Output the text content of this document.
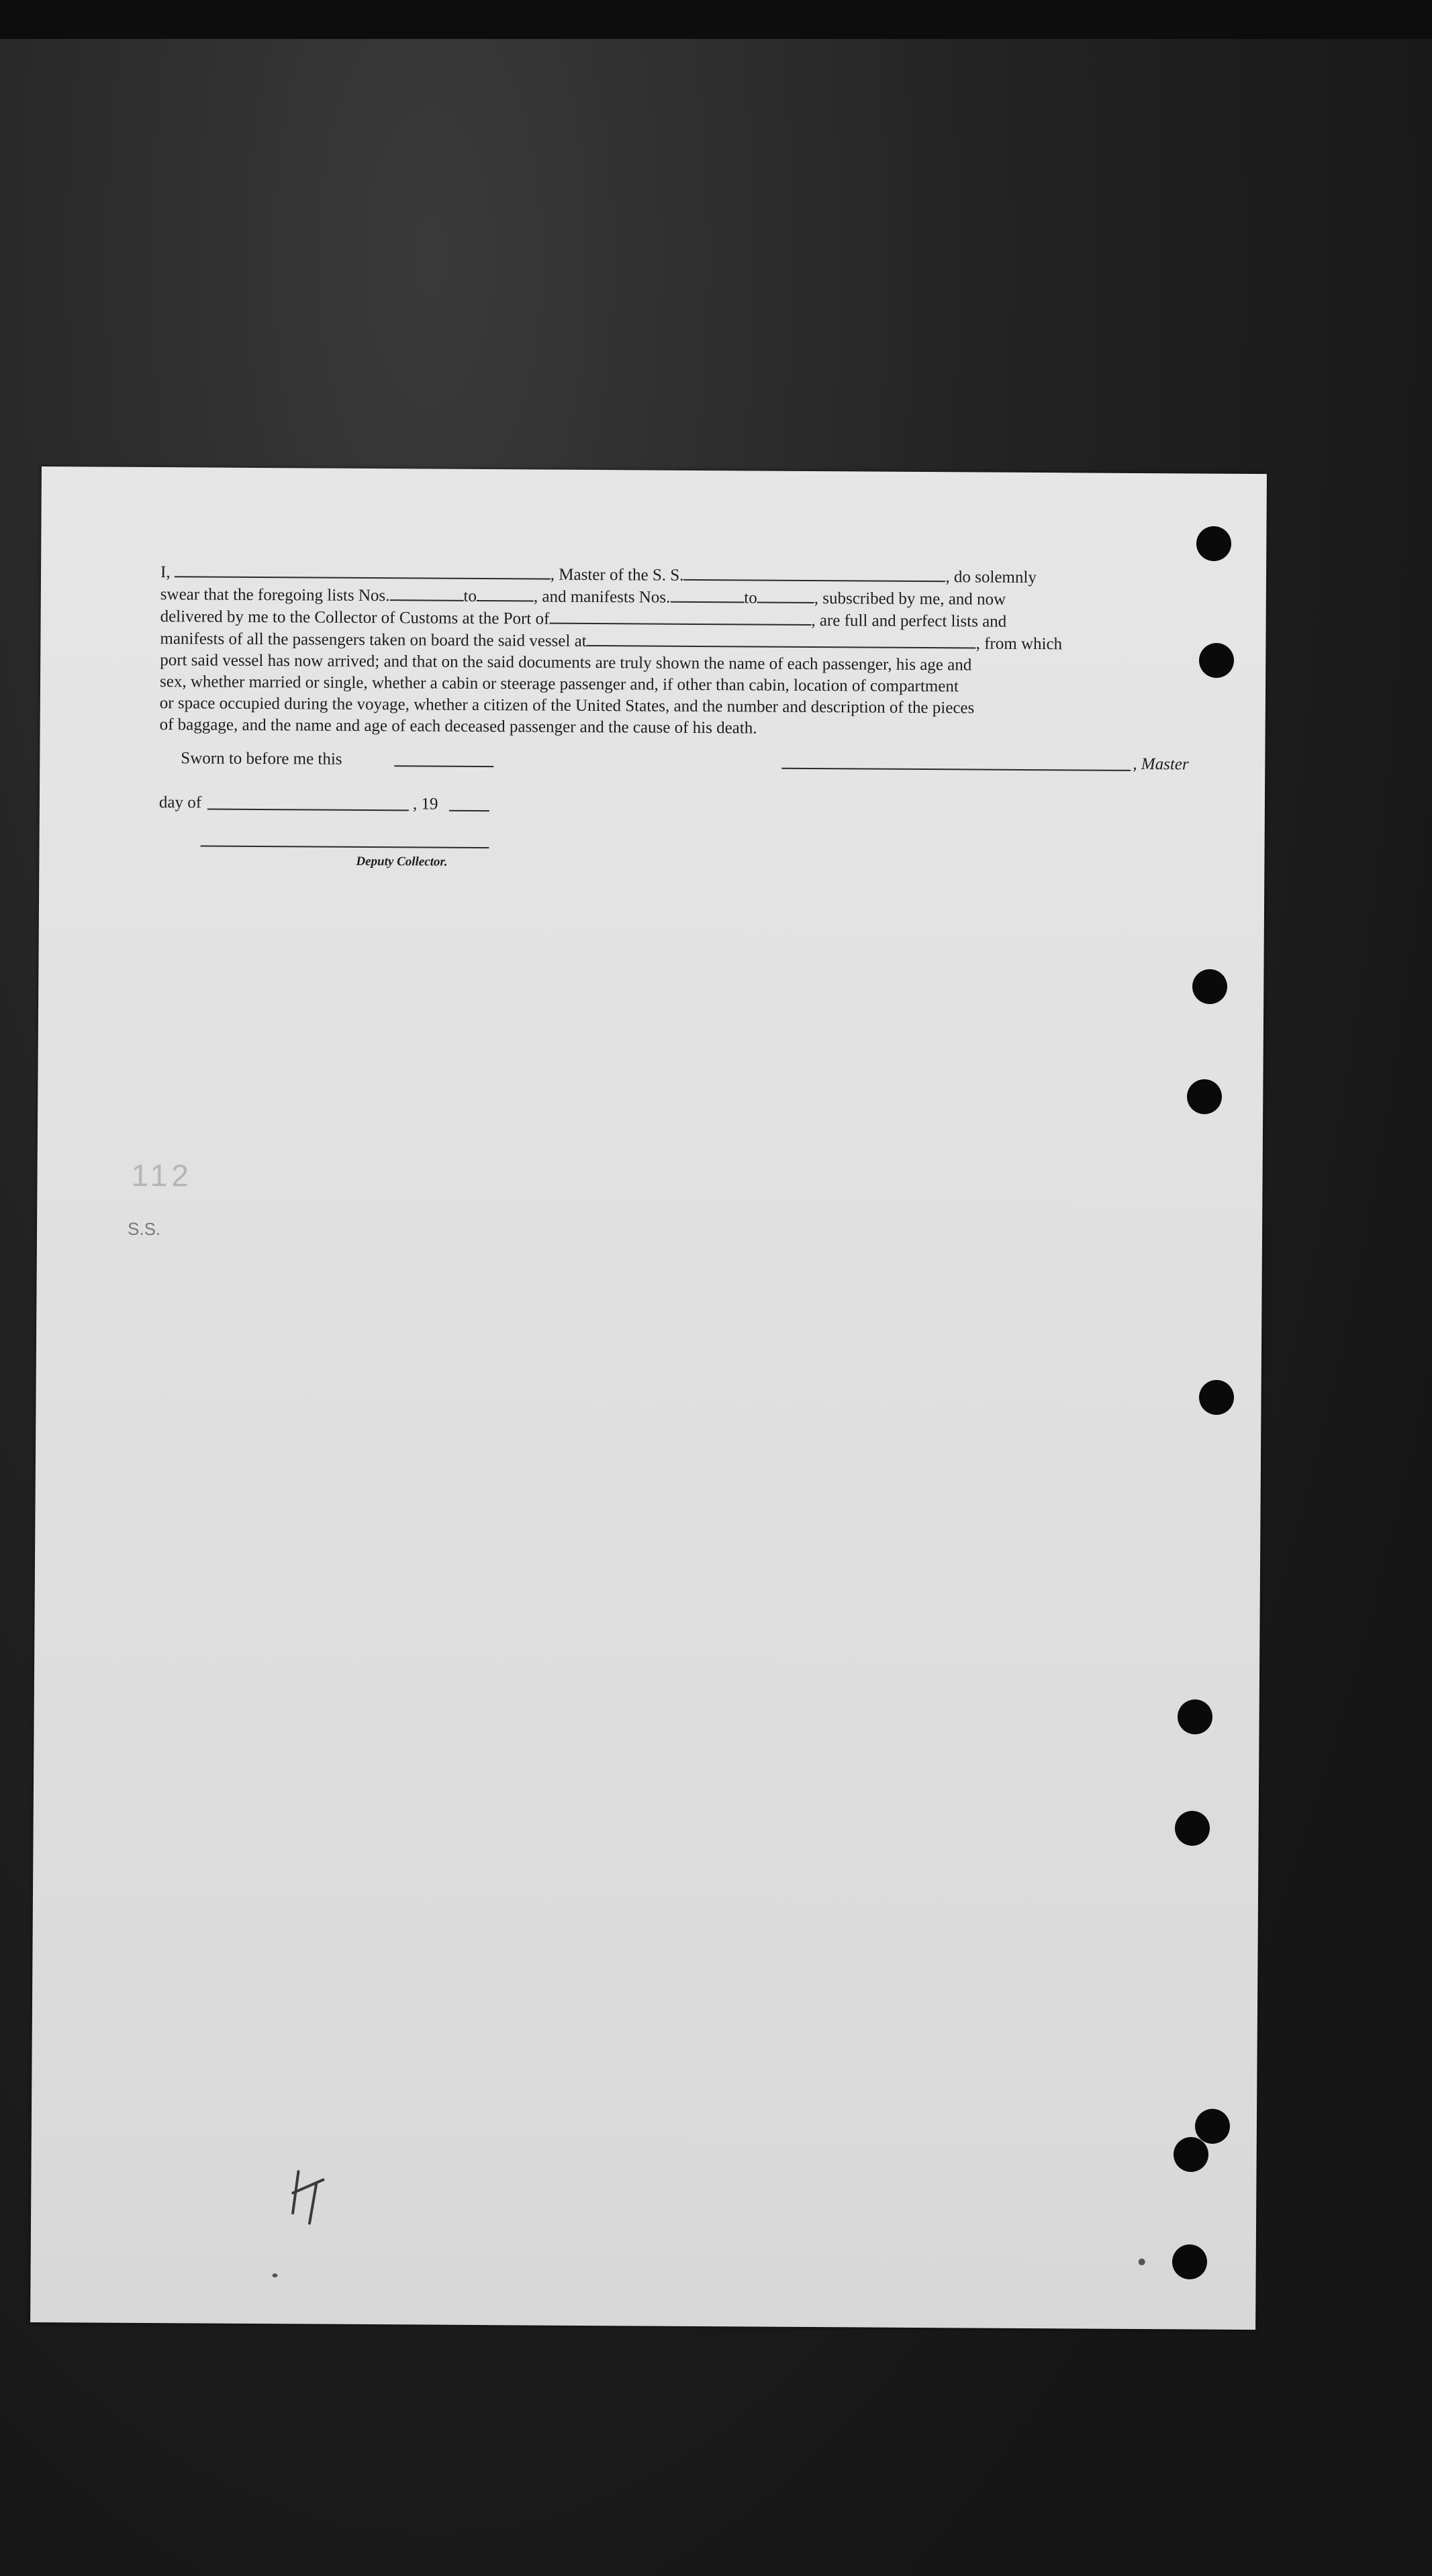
I,	, Master of the S. S.	, do solemnly
swear that the foregoing lists Nos.	to	, and manifests Nos.	to	, subscribed by me, and now
delivered by me to the Collector of Customs at the Port of	, are full and perfect lists and
manifests of all the passengers taken on board the said vessel at	, from which
port said vessel has now arrived; and that on the said documents are truly shown the name of each passenger, his age and
sex, whether married or single, whether a cabin or steerage passenger and, if other than cabin, location of compartment
or space occupied during the voyage, whether a citizen of the United States, and the number and description of the pieces
of baggage, and the name and age of each deceased passenger and the cause of his death.
Sworn to before me this	, Master
day of	, 19
Deputy Collector.
112
S.S.
